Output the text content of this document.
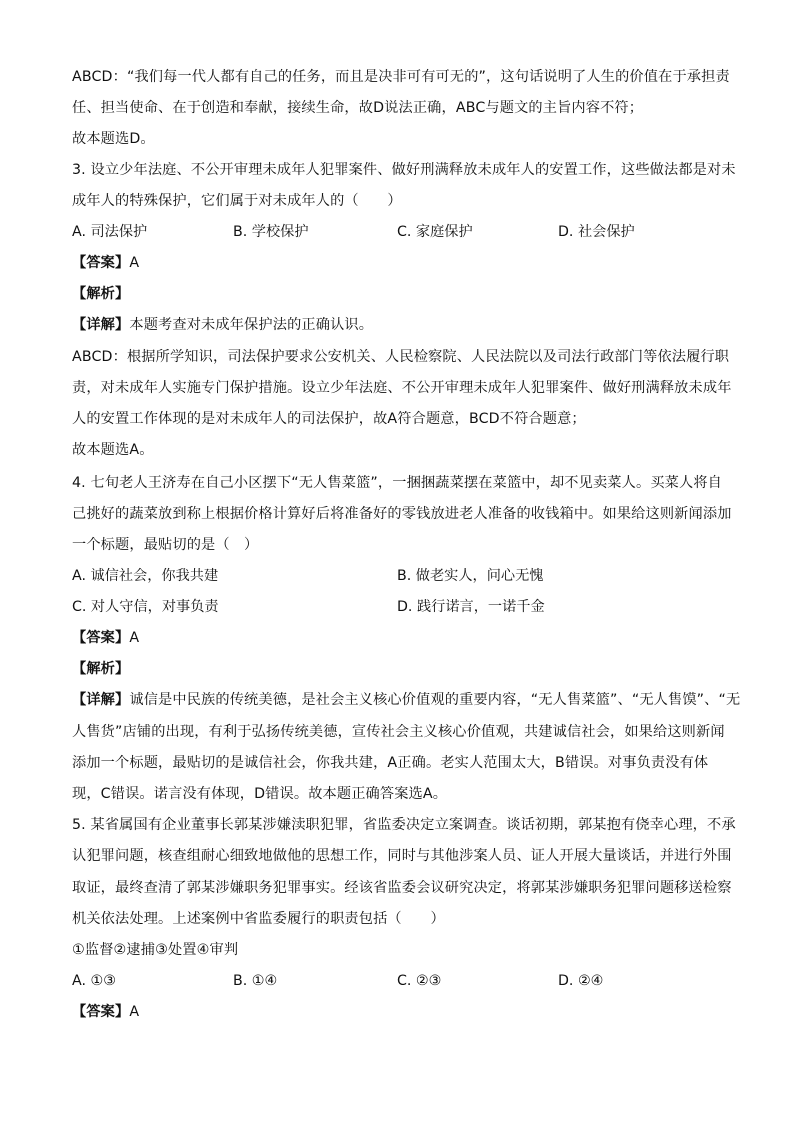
ABCD：“我们每一代人都有自己的任务，而且是决非可有可无的”，这句话说明了人生的价值在于承担责
任、担当使命、在于创造和奉献，接续生命，故D说法正确，ABC与题文的主旨内容不符；
故本题选D。
3. 设立少年法庭、不公开审理未成年人犯罪案件、做好刑满释放未成年人的安置工作，这些做法都是对未
成年人的特殊保护，它们属于对未成年人的（　　）
A. 司法保护	B. 学校保护	C. 家庭保护	D. 社会保护
【答案】A
【解析】
【详解】本题考查对未成年保护法的正确认识。
ABCD：根据所学知识，司法保护要求公安机关、人民检察院、人民法院以及司法行政部门等依法履行职
责，对未成年人实施专门保护措施。设立少年法庭、不公开审理未成年人犯罪案件、做好刑满释放未成年
人的安置工作体现的是对未成年人的司法保护，故A符合题意，BCD不符合题意；
故本题选A。
4. 七旬老人王济寿在自己小区摆下“无人售菜篮”，一捆捆蔬菜摆在菜篮中，却不见卖菜人。买菜人将自
己挑好的蔬菜放到称上根据价格计算好后将准备好的零钱放进老人准备的收钱箱中。如果给这则新闻添加
一个标题，最贴切的是（　）
A. 诚信社会，你我共建	B. 做老实人，问心无愧
C. 对人守信，对事负责	D. 践行诺言，一诺千金
【答案】A
【解析】
【详解】诚信是中民族的传统美德，是社会主义核心价值观的重要内容，“无人售菜篮”、“无人售馍”、“无
人售货”店铺的出现，有利于弘扬传统美德，宣传社会主义核心价值观，共建诚信社会，如果给这则新闻
添加一个标题，最贴切的是诚信社会，你我共建，A正确。老实人范围太大，B错误。对事负责没有体
现，C错误。诺言没有体现，D错误。故本题正确答案选A。
5. 某省属国有企业董事长郭某涉嫌渎职犯罪，省监委决定立案调查。谈话初期，郭某抱有侥幸心理，不承
认犯罪问题，核查组耐心细致地做他的思想工作，同时与其他涉案人员、证人开展大量谈话，并进行外围
取证，最终查清了郭某涉嫌职务犯罪事实。经该省监委会议研究决定，将郭某涉嫌职务犯罪问题移送检察
机关依法处理。上述案例中省监委履行的职责包括（　　）
①监督②逮捕③处置④审判
A. ①③	B. ①④	C. ②③	D. ②④
【答案】A
